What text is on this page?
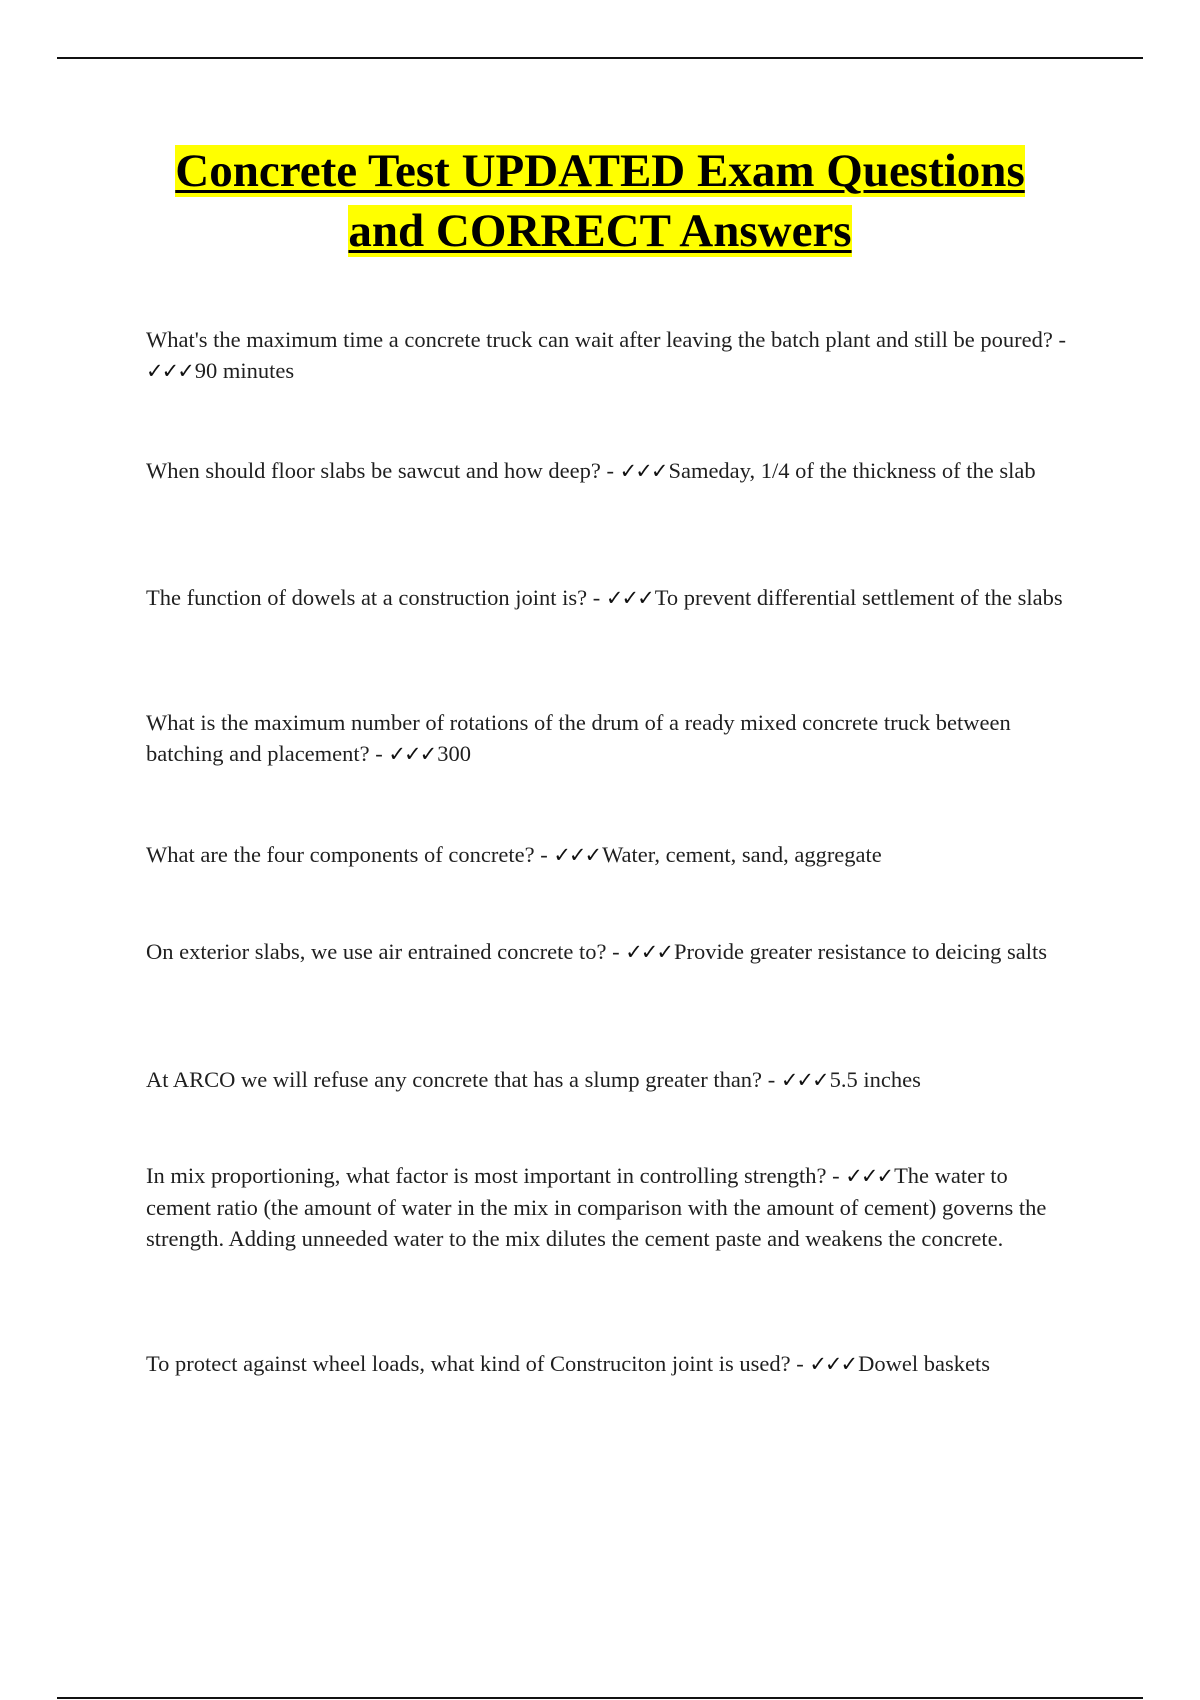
Concrete Test UPDATED Exam Questions
and CORRECT Answers

What's the maximum time a concrete truck can wait after leaving the batch plant and still be poured? - ✓✓✓90 minutes

When should floor slabs be sawcut and how deep? - ✓✓✓Sameday, 1/4 of the thickness of the slab

The function of dowels at a construction joint is? - ✓✓✓To prevent differential settlement of the slabs

What is the maximum number of rotations of the drum of a ready mixed concrete truck between batching and placement? - ✓✓✓300

What are the four components of concrete? - ✓✓✓Water, cement, sand, aggregate

On exterior slabs, we use air entrained concrete to? - ✓✓✓Provide greater resistance to deicing salts

At ARCO we will refuse any concrete that has a slump greater than? - ✓✓✓5.5 inches

In mix proportioning, what factor is most important in controlling strength? - ✓✓✓The water to cement ratio (the amount of water in the mix in comparison with the amount of cement) governs the strength. Adding unneeded water to the mix dilutes the cement paste and weakens the concrete.

To protect against wheel loads, what kind of Construciton joint is used? - ✓✓✓Dowel baskets
